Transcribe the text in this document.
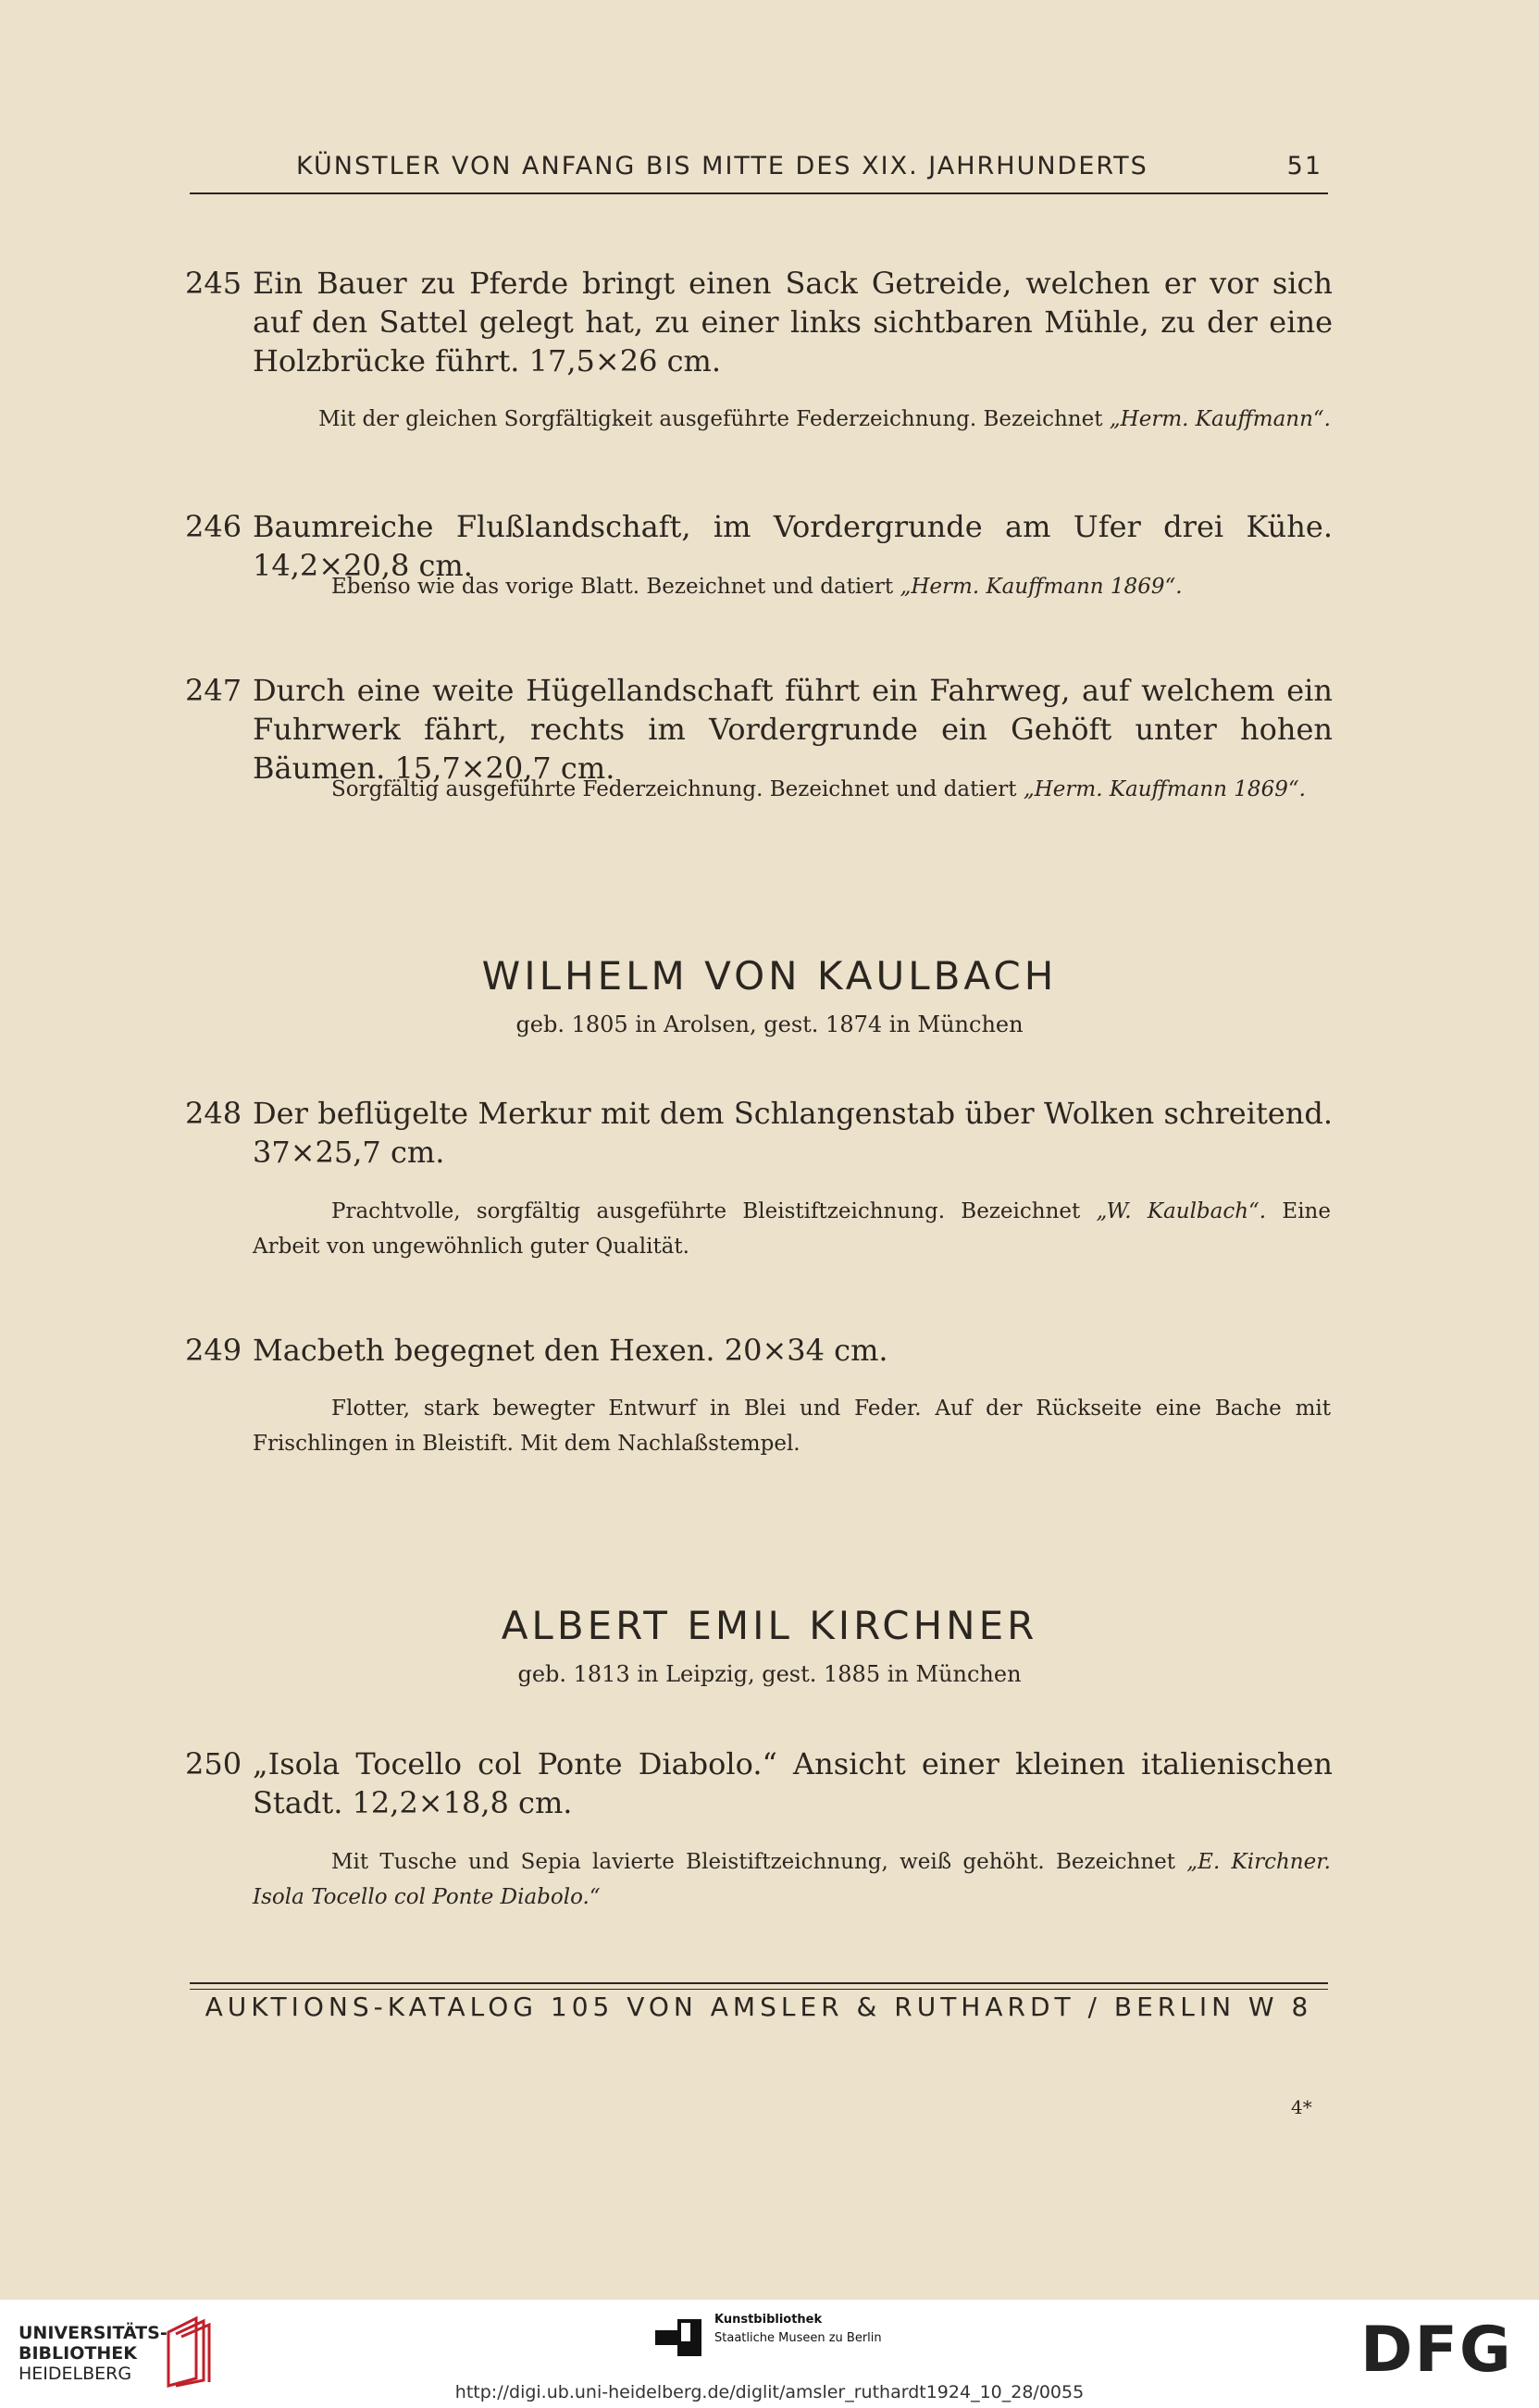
KÜNSTLER VON ANFANG BIS MITTE DES XIX. JAHRHUNDERTS	51
245 Ein Bauer zu Pferde bringt einen Sack Getreide, welchen er vor sich auf den Sattel gelegt hat, zu einer links sichtbaren Mühle, zu der eine Holzbrücke führt. 17,5×26 cm.
Mit der gleichen Sorgfältigkeit ausgeführte Federzeichnung. Bezeichnet „Herm. Kauffmann“.
246 Baumreiche Flußlandschaft, im Vordergrunde am Ufer drei Kühe. 14,2×20,8 cm.
Ebenso wie das vorige Blatt. Bezeichnet und datiert „Herm. Kauffmann 1869“.
247 Durch eine weite Hügellandschaft führt ein Fahrweg, auf welchem ein Fuhrwerk fährt, rechts im Vordergrunde ein Gehöft unter hohen Bäumen. 15,7×20,7 cm.
Sorgfältig ausgeführte Federzeichnung. Bezeichnet und datiert „Herm. Kauffmann 1869“.
WILHELM VON KAULBACH
geb. 1805 in Arolsen, gest. 1874 in München
248 Der beflügelte Merkur mit dem Schlangenstab über Wolken schreitend. 37×25,7 cm.
Prachtvolle, sorgfältig ausgeführte Bleistiftzeichnung. Bezeichnet „W. Kaulbach“. Eine Arbeit von ungewöhnlich guter Qualität.
249 Macbeth begegnet den Hexen. 20×34 cm.
Flotter, stark bewegter Entwurf in Blei und Feder. Auf der Rückseite eine Bache mit Frischlingen in Bleistift. Mit dem Nachlaßstempel.
ALBERT EMIL KIRCHNER
geb. 1813 in Leipzig, gest. 1885 in München
250 „Isola Tocello col Ponte Diabolo.“ Ansicht einer kleinen italienischen Stadt. 12,2×18,8 cm.
Mit Tusche und Sepia lavierte Bleistiftzeichnung, weiß gehöht. Bezeichnet „E. Kirchner. Isola Tocello col Ponte Diabolo.“
AUKTIONS-KATALOG 105 VON AMSLER & RUTHARDT / BERLIN W 8
4*
UNIVERSITÄTS-
BIBLIOTHEK
HEIDELBERG
Kunstbibliothek
Staatliche Museen zu Berlin	DFG
http://digi.ub.uni-heidelberg.de/diglit/amsler_ruthardt1924_10_28/0055
